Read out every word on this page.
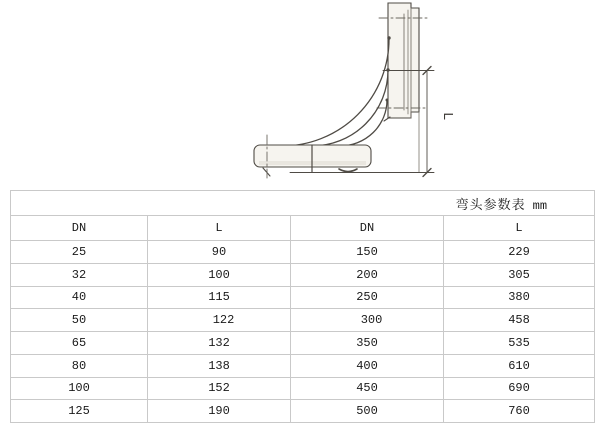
L
弯头参数表 mm			
DN	L	DN	L
25	90	150	229
32	100	200	305
40	115	250	380
50	122	300	458
65	132	350	535
80	138	400	610
100	152	450	690
125	190	500	760
